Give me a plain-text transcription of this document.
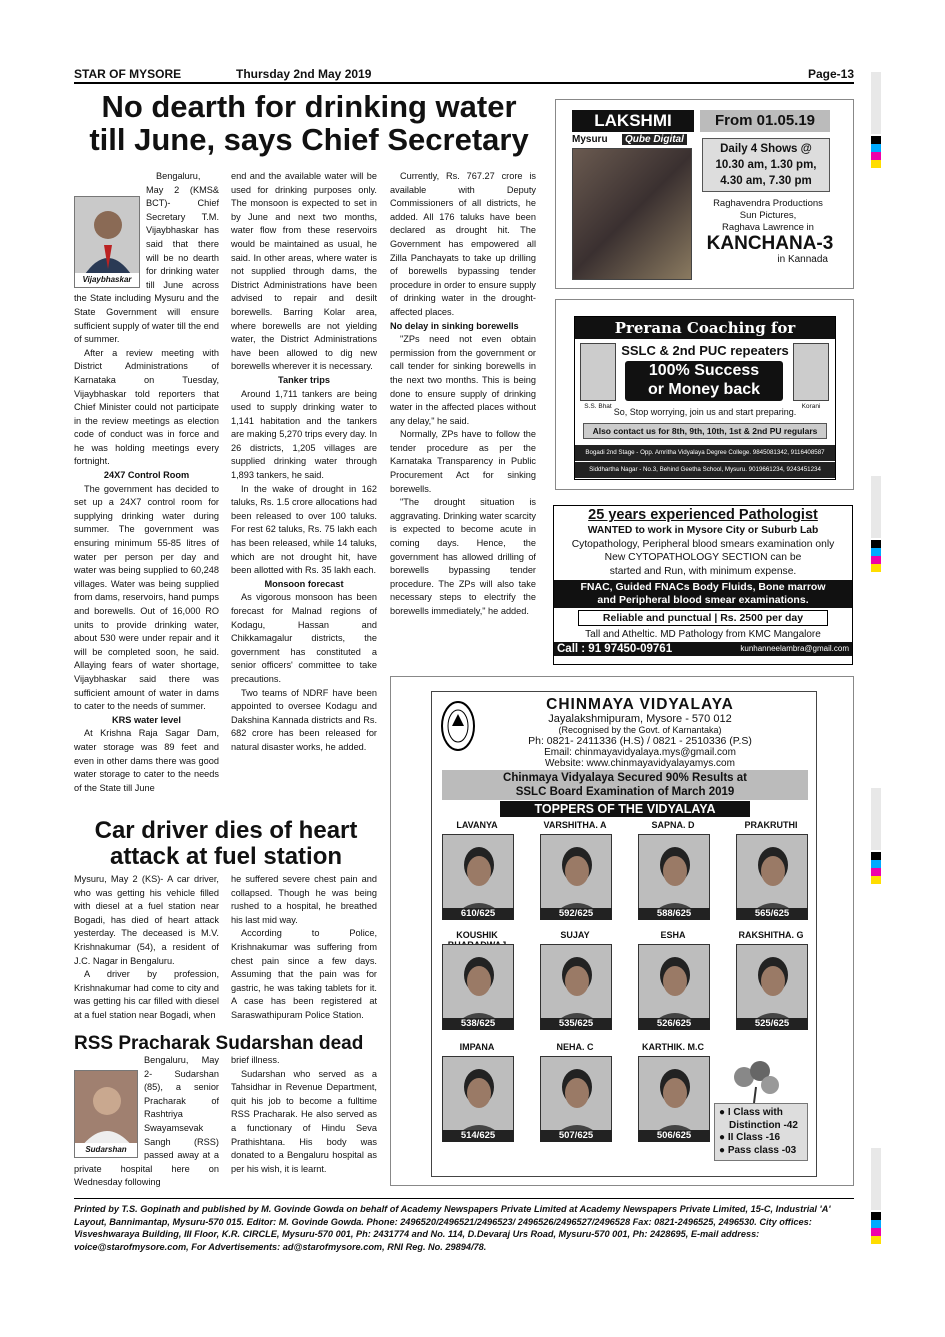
STAR OF MYSORE	Thursday 2nd May 2019	Page-13
No dearth for drinking water
till June, says Chief Secretary
Vijaybhaskar

Bengaluru, May 2 (KMS& BCT)- Chief Secretary T.M. Vijaybhaskar has said that there will be no dearth for drinking water till June across the State including Mysuru and the State Government will ensure sufficient supply of water till the end of summer.

After a review meeting with District Administrations of Karnataka on Tuesday, Vijaybhaskar told reporters that Chief Minister could not participate in the review meetings as election code of conduct was in force and he was holding meetings every fortnight.

24X7 Control Room

The government has decided to set up a 24X7 control room for supplying drinking water during summer. The government was ensuring minimum 55-85 litres of water per person per day and water was being supplied to 60,248 villages. Water was being supplied from dams, reservoirs, hand pumps and borewells. Out of 16,000 RO units to provide drinking water, about 530 were under repair and it will be completed soon, he said. Allaying fears of water shortage, Vijaybhaskar said there was sufficient amount of water in dams to cater to the needs of summer.

KRS water level

At Krishna Raja Sagar Dam, water storage was 89 feet and even in other dams there was good water storage to cater to the needs of the State till June

end and the available water will be used for drinking purposes only. The monsoon is expected to set in by June and next two months, water flow from these reservoirs would be maintained as usual, he said. In other areas, where water is not supplied through dams, the District Administrations have been advised to repair and desilt borewells. Barring Kolar area, where borewells are not yielding water, the District Administrations have been allowed to dig new borewells wherever it is necessary.

Tanker trips

Around 1,711 tankers are being used to supply drinking water to 1,141 habitation and the tankers are making 5,270 trips every day. In 26 districts, 1,205 villages are supplied drinking water through 1,893 tankers, he said.

In the wake of drought in 162 taluks, Rs. 1.5 crore allocations had been released to over 100 taluks. For rest 62 taluks, Rs. 75 lakh each has been released, while 14 taluks, which are not drought hit, have been allotted with Rs. 35 lakh each.

Monsoon forecast

As vigorous monsoon has been forecast for Malnad regions of Kodagu, Hassan and Chikkamagalur districts, the government has constituted a senior officers' committee to take precautions.

Two teams of NDRF have been appointed to oversee Kodagu and Dakshina Kannada districts and Rs. 682 crore has been released for natural disaster works, he added.

Currently, Rs. 767.27 crore is available with Deputy Commissioners of all districts, he added. All 176 taluks have been declared as drought hit. The Government has empowered all Zilla Panchayats to take up drilling of borewells bypassing tender procedure in order to ensure supply of drinking water in the drought-affected places.

No delay in sinking borewells

"ZPs need not even obtain permission from the government or call tender for sinking borewells in the next two months. This is being done to ensure supply of drinking water in the affected places without any delay," he said.

Normally, ZPs have to follow the tender procedure as per the Karnataka Transparency in Public Procurement Act for sinking borewells.

"The drought situation is aggravating. Drinking water scarcity is expected to become acute in coming days. Hence, the government has allowed drilling of borewells bypassing tender procedure. The ZPs will also take necessary steps to electrify the borewells immediately," he added.

Car driver dies of heart
attack at fuel station

Mysuru, May 2 (KS)- A car driver, who was getting his vehicle filled with diesel at a fuel station near Bogadi, has died of heart attack yesterday. The deceased is M.V. Krishnakumar (54), a resident of J.C. Nagar in Bengaluru.

A driver by profession, Krishnakumar had come to city and was getting his car filled with diesel at a fuel station near Bogadi, when

he suffered severe chest pain and collapsed. Though he was being rushed to a hospital, he breathed his last mid way.

According to Police, Krishnakumar was suffering from chest pain since a few days. Assuming that the pain was for gastric, he was taking tablets for it. A case has been registered at Saraswathipuram Police Station.

RSS Pracharak Sudarshan dead
Sudarshan

Bengaluru, May 2- Sudarshan (85), a senior Pracharak of Rashtriya Swayamsevak Sangh (RSS) passed away at a private hospital here on Wednesday following

brief illness.

Sudarshan who served as a Tahsidhar in Revenue Department, quit his job to become a fulltime RSS Pracharak. He also served as a functionary of Hindu Seva Prathishtana. His body was donated to a Bengaluru hospital as per his wish, it is learnt.

LAKSHMI	From 01.05.19
Mysuru	Qube Digital
Daily 4 Shows @
10.30 am, 1.30 pm,
4.30 am, 7.30 pm
Raghavendra Productions
Sun Pictures,
Raghava Lawrence in
KANCHANA-3
in Kannada
Prerana Coaching for
S.S. Bhat	Korani
SSLC & 2nd PUC repeaters
100% Success
or Money back
So, Stop worrying, join us and start preparing.
Also contact us for 8th, 9th, 10th, 1st & 2nd PU regulars
Bogadi 2nd Stage - Opp. Amritha Vidyalaya Degree College. 9845081342, 9116408587
Siddhartha Nagar - No.3, Behind Geetha School, Mysuru. 9019661234, 9243451234
25 years experienced Pathologist
WANTED to work in Mysore City or Suburb Lab
Cytopathology, Peripheral blood smears examination only
New CYTOPATHOLOGY SECTION can be
started and Run, with minimum expense.
FNAC, Guided FNACs Body Fluids, Bone marrow
and Peripheral blood smear examinations.
Reliable and punctual | Rs. 2500 per day
Tall and Atheltic. MD Pathology from KMC Mangalore
Call : 91 97450-09761	kunhanneelambra@gmail.com
CHINMAYA VIDYALAYA
Jayalakshmipuram, Mysore - 570 012
(Recognised by the Govt. of Karnantaka)
Ph: 0821- 2411336 (H.S) / 0821 - 2510336 (P.S)
Email: chinmayavidyalaya.mys@gmail.com
Website: www.chinmayavidyalayamys.com
Chinmaya Vidyalaya Secured 90% Results at
SSLC Board Examination of March 2019
TOPPERS OF THE VIDYALAYA
LAVANYA
610/625
VARSHITHA. A
592/625
SAPNA. D
588/625
PRAKRUTHI
565/625
KOUSHIK
538/625
SUJAY
535/625
ESHA
526/625
RAKSHITHA. G
525/625
IMPANA
514/625
NEHA. C
507/625
KARTHIK. M.C
506/625
● I Class with
Distinction -42
● II Class -16
● Pass class -03
Printed by T.S. Gopinath and published by M. Govinde Gowda on behalf of Academy Newspapers Private Limited at Academy Newspapers Private Limited, 15-C, Industrial 'A' Layout, Bannimantap, Mysuru-570 015. Editor: M. Govinde Gowda. Phone: 2496520/2496521/2496523/ 2496526/2496527/2496528 Fax: 0821-2496525, 2496530. City offices: Visveshwaraya Building, III Floor, K.R. CIRCLE, Mysuru-570 001, Ph: 2431774 and No. 114, D.Devaraj Urs Road, Mysuru-570 001, Ph: 2428695, E-mail address: voice@starofmysore.com, For Advertisements: ad@starofmysore.com, RNI Reg. No. 29894/78.
